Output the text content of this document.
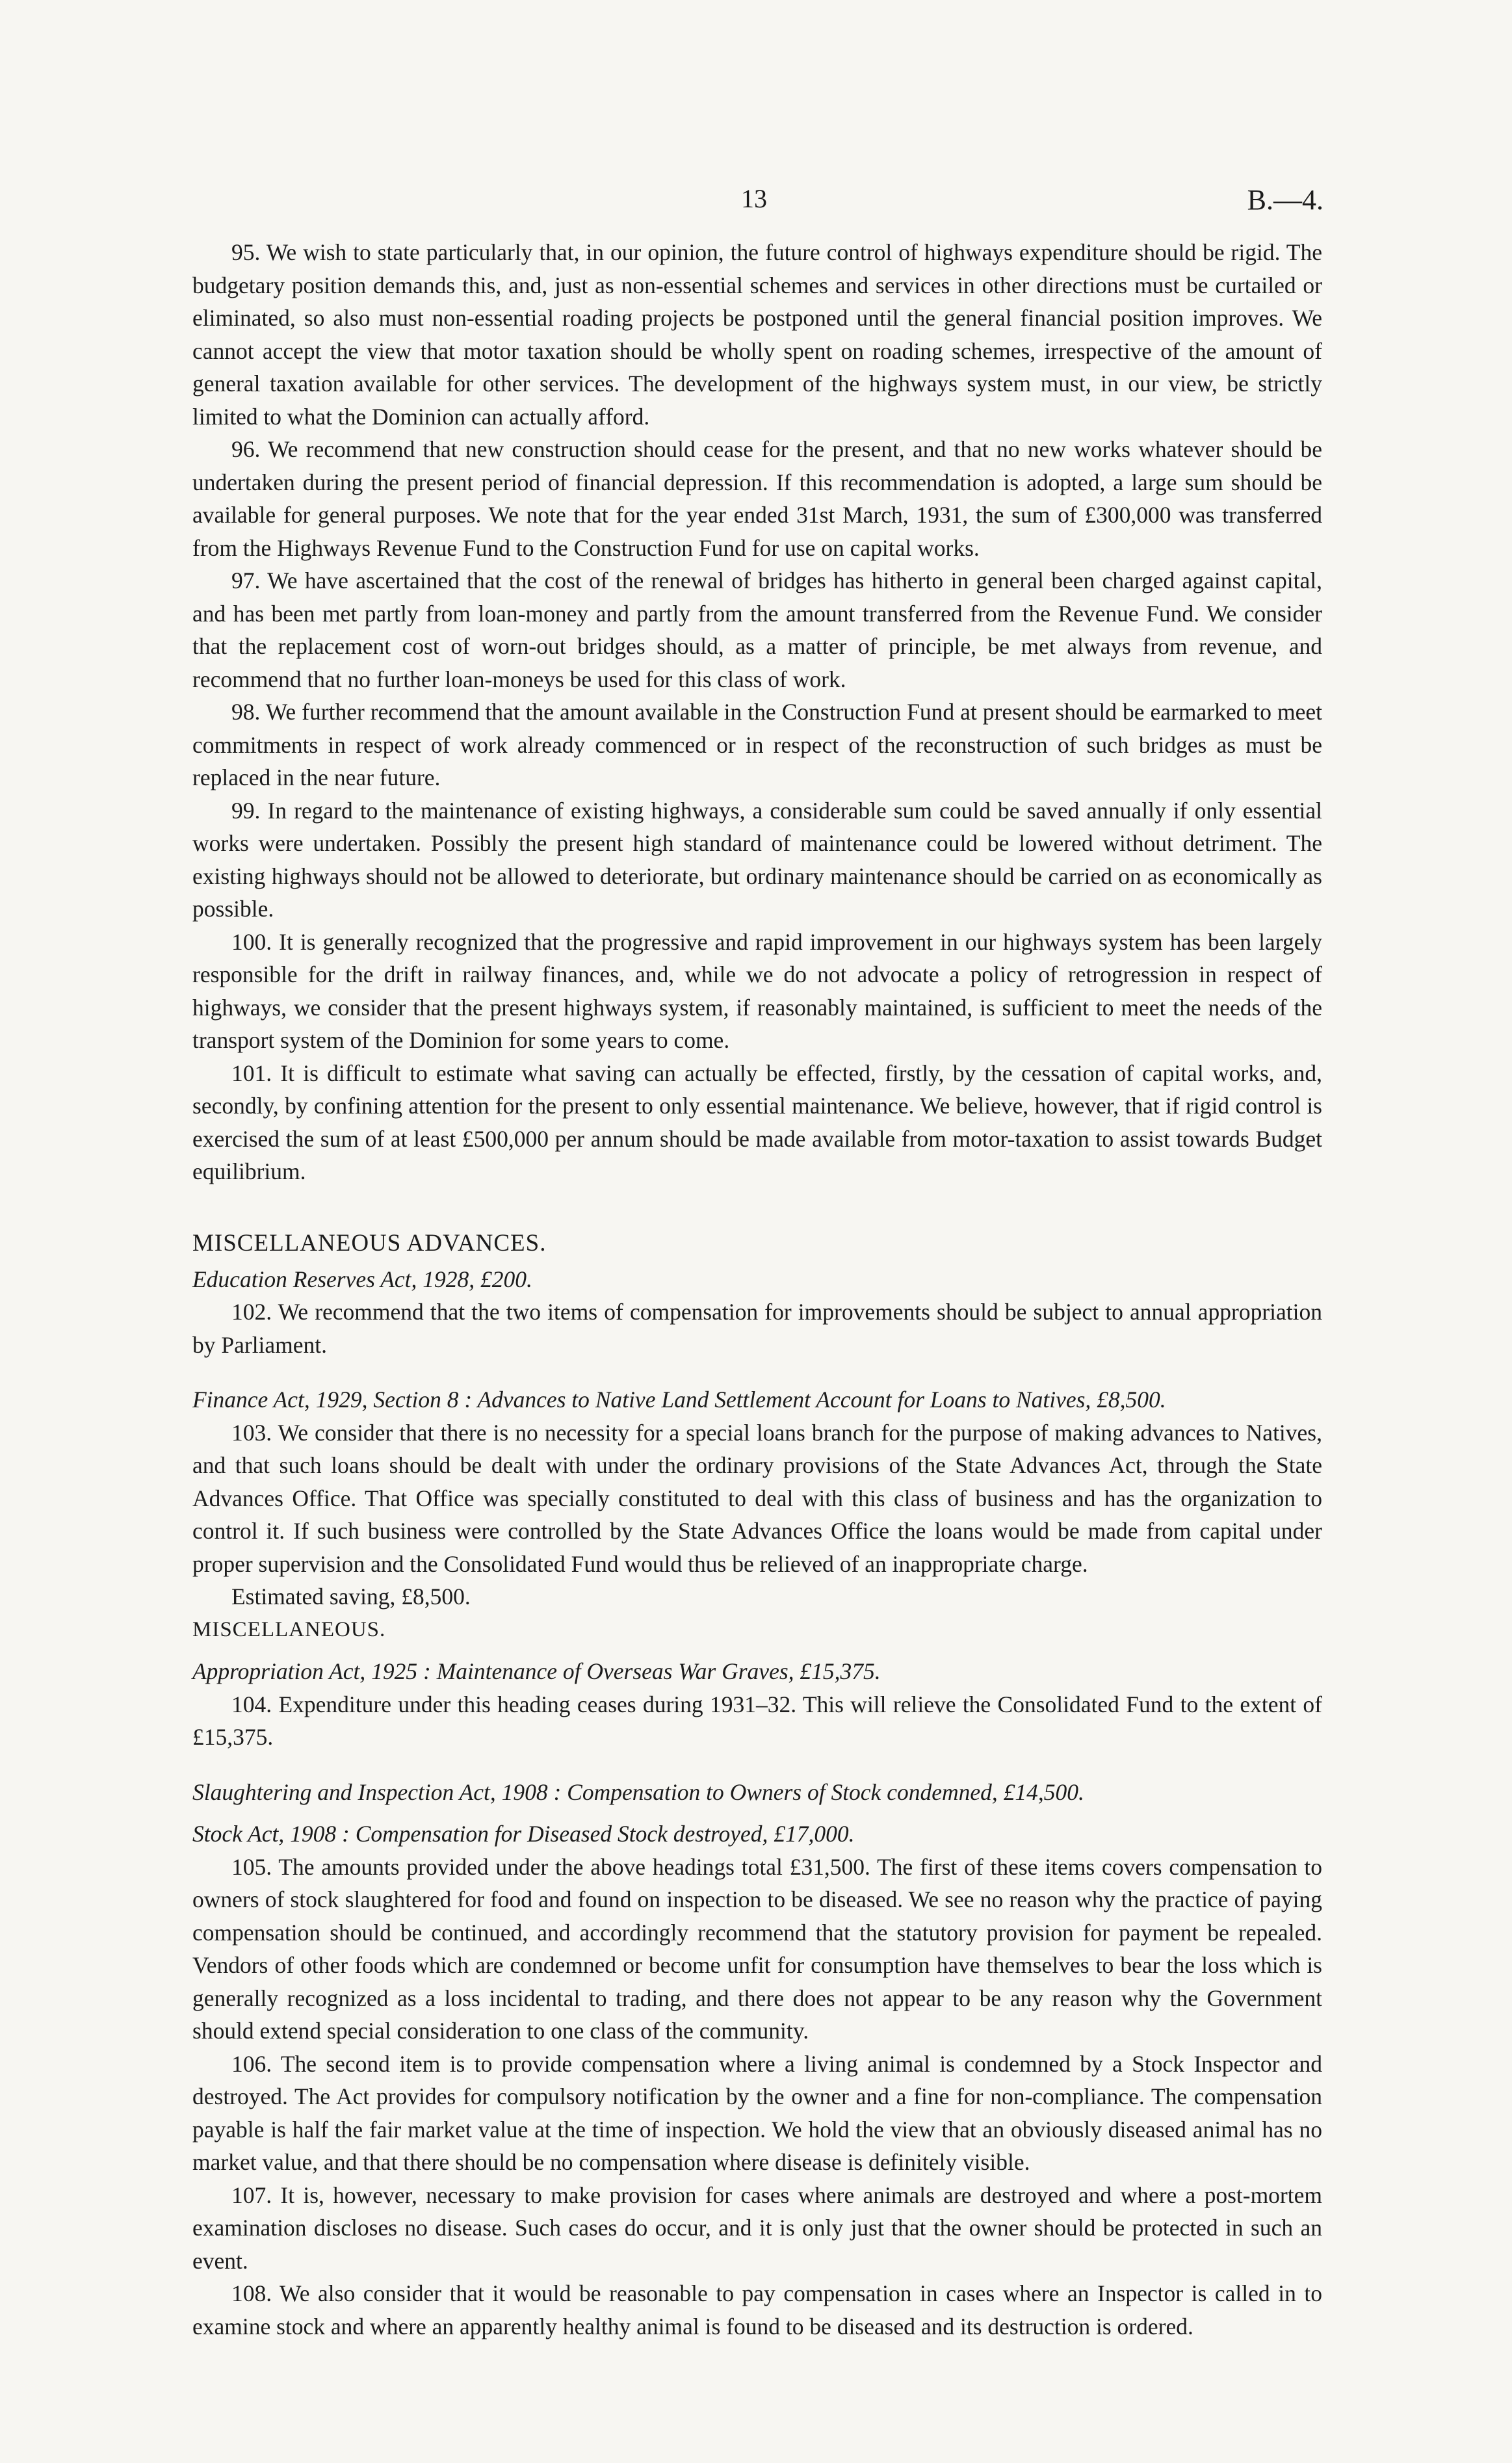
13	B.—4.

95. We wish to state particularly that, in our opinion, the future control of highways expenditure should be rigid. The budgetary position demands this, and, just as non-essential schemes and services in other directions must be curtailed or eliminated, so also must non-essential roading projects be postponed until the general financial position improves. We cannot accept the view that motor taxation should be wholly spent on roading schemes, irrespective of the amount of general taxation available for other services. The development of the highways system must, in our view, be strictly limited to what the Dominion can actually afford.

96. We recommend that new construction should cease for the present, and that no new works whatever should be undertaken during the present period of financial depression. If this recommendation is adopted, a large sum should be available for general purposes. We note that for the year ended 31st March, 1931, the sum of £300,000 was transferred from the Highways Revenue Fund to the Construction Fund for use on capital works.

97. We have ascertained that the cost of the renewal of bridges has hitherto in general been charged against capital, and has been met partly from loan-money and partly from the amount transferred from the Revenue Fund. We consider that the replacement cost of worn-out bridges should, as a matter of principle, be met always from revenue, and recommend that no further loan-moneys be used for this class of work.

98. We further recommend that the amount available in the Construction Fund at present should be earmarked to meet commitments in respect of work already commenced or in respect of the reconstruction of such bridges as must be replaced in the near future.

99. In regard to the maintenance of existing highways, a considerable sum could be saved annually if only essential works were undertaken. Possibly the present high standard of maintenance could be lowered without detriment. The existing highways should not be allowed to deteriorate, but ordinary maintenance should be carried on as economically as possible.

100. It is generally recognized that the progressive and rapid improvement in our highways system has been largely responsible for the drift in railway finances, and, while we do not advocate a policy of retrogression in respect of highways, we consider that the present highways system, if reasonably maintained, is sufficient to meet the needs of the transport system of the Dominion for some years to come.

101. It is difficult to estimate what saving can actually be effected, firstly, by the cessation of capital works, and, secondly, by confining attention for the present to only essential maintenance. We believe, however, that if rigid control is exercised the sum of at least £500,000 per annum should be made available from motor-taxation to assist towards Budget equilibrium.

MISCELLANEOUS ADVANCES.

Education Reserves Act, 1928, £200.

102. We recommend that the two items of compensation for improvements should be subject to annual appropriation by Parliament.

Finance Act, 1929, Section 8 : Advances to Native Land Settlement Account for Loans to Natives, £8,500.

103. We consider that there is no necessity for a special loans branch for the purpose of making advances to Natives, and that such loans should be dealt with under the ordinary provisions of the State Advances Act, through the State Advances Office. That Office was specially constituted to deal with this class of business and has the organization to control it. If such business were controlled by the State Advances Office the loans would be made from capital under proper supervision and the Consolidated Fund would thus be relieved of an inappropriate charge.

Estimated saving, £8,500.

MISCELLANEOUS.

Appropriation Act, 1925 : Maintenance of Overseas War Graves, £15,375.

104. Expenditure under this heading ceases during 1931–32. This will relieve the Consolidated Fund to the extent of £15,375.

Slaughtering and Inspection Act, 1908 : Compensation to Owners of Stock condemned, £14,500.

Stock Act, 1908 : Compensation for Diseased Stock destroyed, £17,000.

105. The amounts provided under the above headings total £31,500. The first of these items covers compensation to owners of stock slaughtered for food and found on inspection to be diseased. We see no reason why the practice of paying compensation should be continued, and accordingly recommend that the statutory provision for payment be repealed. Vendors of other foods which are condemned or become unfit for consumption have themselves to bear the loss which is generally recognized as a loss incidental to trading, and there does not appear to be any reason why the Government should extend special consideration to one class of the community.

106. The second item is to provide compensation where a living animal is condemned by a Stock Inspector and destroyed. The Act provides for compulsory notification by the owner and a fine for non-compliance. The compensation payable is half the fair market value at the time of inspection. We hold the view that an obviously diseased animal has no market value, and that there should be no compensation where disease is definitely visible.

107. It is, however, necessary to make provision for cases where animals are destroyed and where a post-mortem examination discloses no disease. Such cases do occur, and it is only just that the owner should be protected in such an event.

108. We also consider that it would be reasonable to pay compensation in cases where an Inspector is called in to examine stock and where an apparently healthy animal is found to be diseased and its destruction is ordered.
